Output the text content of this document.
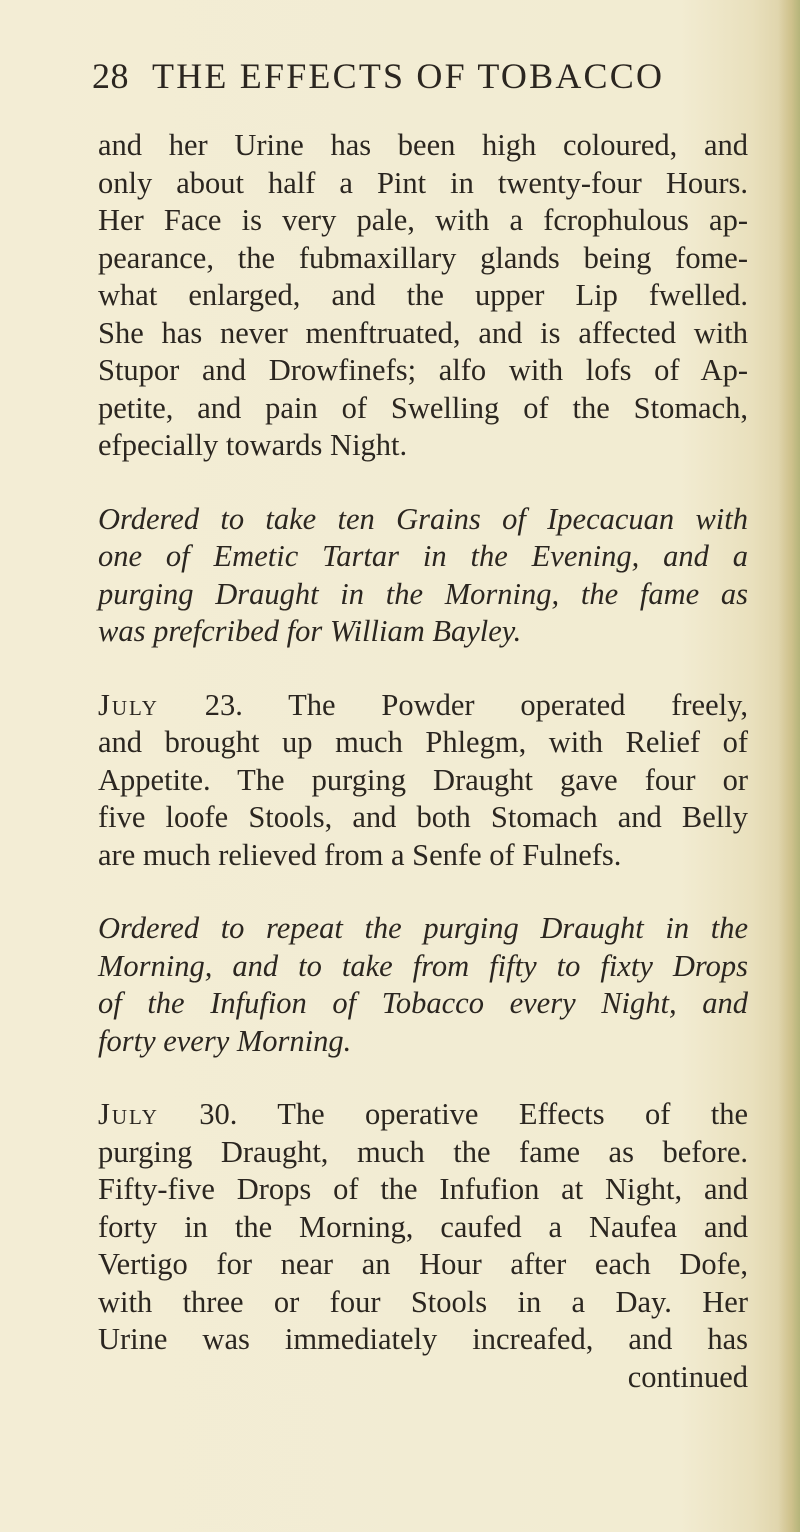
28 THE EFFECTS OF TOBACCO
and her Urine has been high coloured, and
only about half a Pint in twenty-four Hours.
Her Face is very pale, with a fcrophulous ap-
pearance, the fubmaxillary glands being fome-
what enlarged, and the upper Lip fwelled.
She has never menftruated, and is affected with
Stupor and Drowfinefs; alfo with lofs of Ap-
petite, and pain of Swelling of the Stomach,
efpecially towards Night.
Ordered to take ten Grains of Ipecacuan with
one of Emetic Tartar in the Evening, and a
purging Draught in the Morning, the fame as
was prefcribed for William Bayley.
July 23. The Powder operated freely,
and brought up much Phlegm, with Relief of
Appetite. The purging Draught gave four or
five loofe Stools, and both Stomach and Belly
are much relieved from a Senfe of Fulnefs.
Ordered to repeat the purging Draught in the
Morning, and to take from fifty to fixty Drops
of the Infufion of Tobacco every Night, and
forty every Morning.
July 30. The operative Effects of the
purging Draught, much the fame as before.
Fifty-five Drops of the Infufion at Night, and
forty in the Morning, caufed a Naufea and
Vertigo for near an Hour after each Dofe,
with three or four Stools in a Day. Her
Urine was immediately increafed, and has
continued
